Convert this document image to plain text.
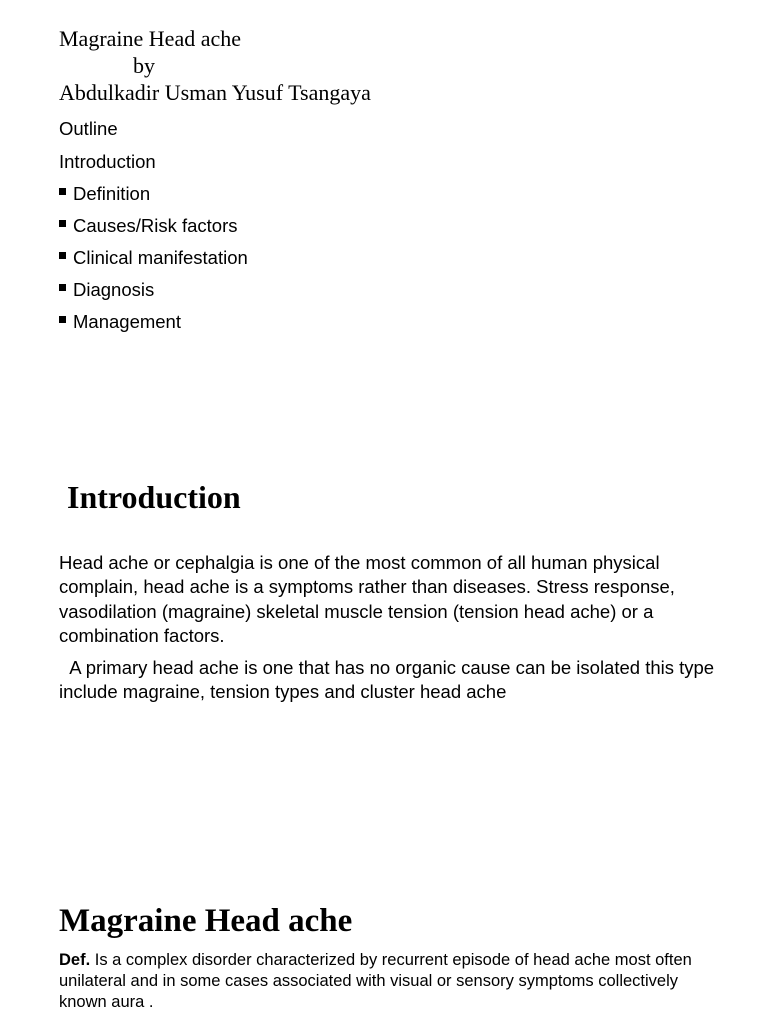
Magraine Head ache
by
Abdulkadir Usman Yusuf Tsangaya
Outline
Introduction
Definition
Causes/Risk factors
Clinical manifestation
Diagnosis
Management
Introduction
Head ache or cephalgia is one of the most common of all human physical complain, head ache is a symptoms rather than diseases. Stress response, vasodilation (magraine) skeletal muscle tension (tension head ache) or a combination factors.
A primary head ache is one that has no organic cause can be isolated this type include magraine, tension types and cluster head ache
Magraine Head ache
Def. Is a complex disorder characterized by recurrent episode of head ache most often unilateral and in some cases associated with visual or sensory symptoms collectively known aura .
